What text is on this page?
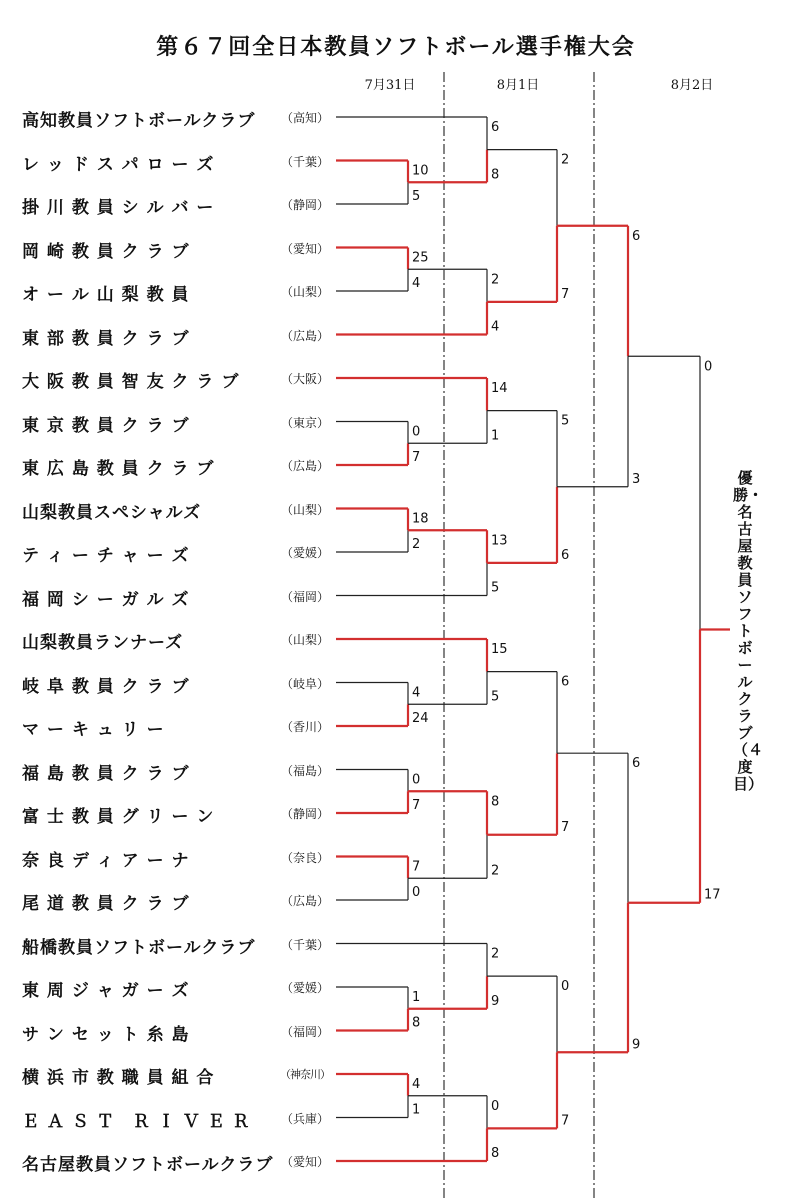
第６７回全日本教員ソフトボール選手権大会
7月31日	8月1日	8月2日
高知教員ソフトボールクラブ	（高知）
レ ッ ド ス パ ロ ー ズ	（千葉）
掛 川 教 員 シ ル バ ー	（静岡）
岡 崎 教 員 ク ラ ブ	（愛知）
オ ー ル 山 梨 教 員	（山梨）
東 部 教 員 ク ラ ブ	（広島）
大 阪 教 員 智 友 ク ラ ブ	（大阪）
東 京 教 員 ク ラ ブ	（東京）
東 広 島 教 員 ク ラ ブ	（広島）
山梨教員スペシャルズ	（山梨）
テ ィ ー チ ャ ー ズ	（愛媛）
福 岡 シ ー ガ ル ズ	（福岡）
山梨教員ランナーズ	（山梨）
岐 阜 教 員 ク ラ ブ	（岐阜）
マ ー キ ュ リ ー	（香川）
福 島 教 員 ク ラ ブ	（福島）
富 士 教 員 グ リ ー ン	（静岡）
奈 良 デ ィ ア ー ナ	（奈良）
尾 道 教 員 ク ラ ブ	（広島）
船橋教員ソフトボールクラブ	（千葉）
東 周 ジ ャ ガ ー ズ	（愛媛）
サ ン セ ッ ト 糸 島	（福岡）
横 浜 市 教 職 員 組 合	（神奈川）
Ｅ Ａ Ｓ Ｔ　Ｒ Ｉ Ｖ Ｅ Ｒ	（兵庫）
名古屋教員ソフトボールクラブ （愛知）
10
5
25
4
0
7
18
2
4
24
0
7
7
0
1
8
4
1
6
8
2
4
14
1
13
5
15
5
8
2
2
9
0
8
2
7
5
6
6
7
0
7
6
3
6
9
0
17
優勝・名古屋教員ソフトボールクラブ（４度目）
